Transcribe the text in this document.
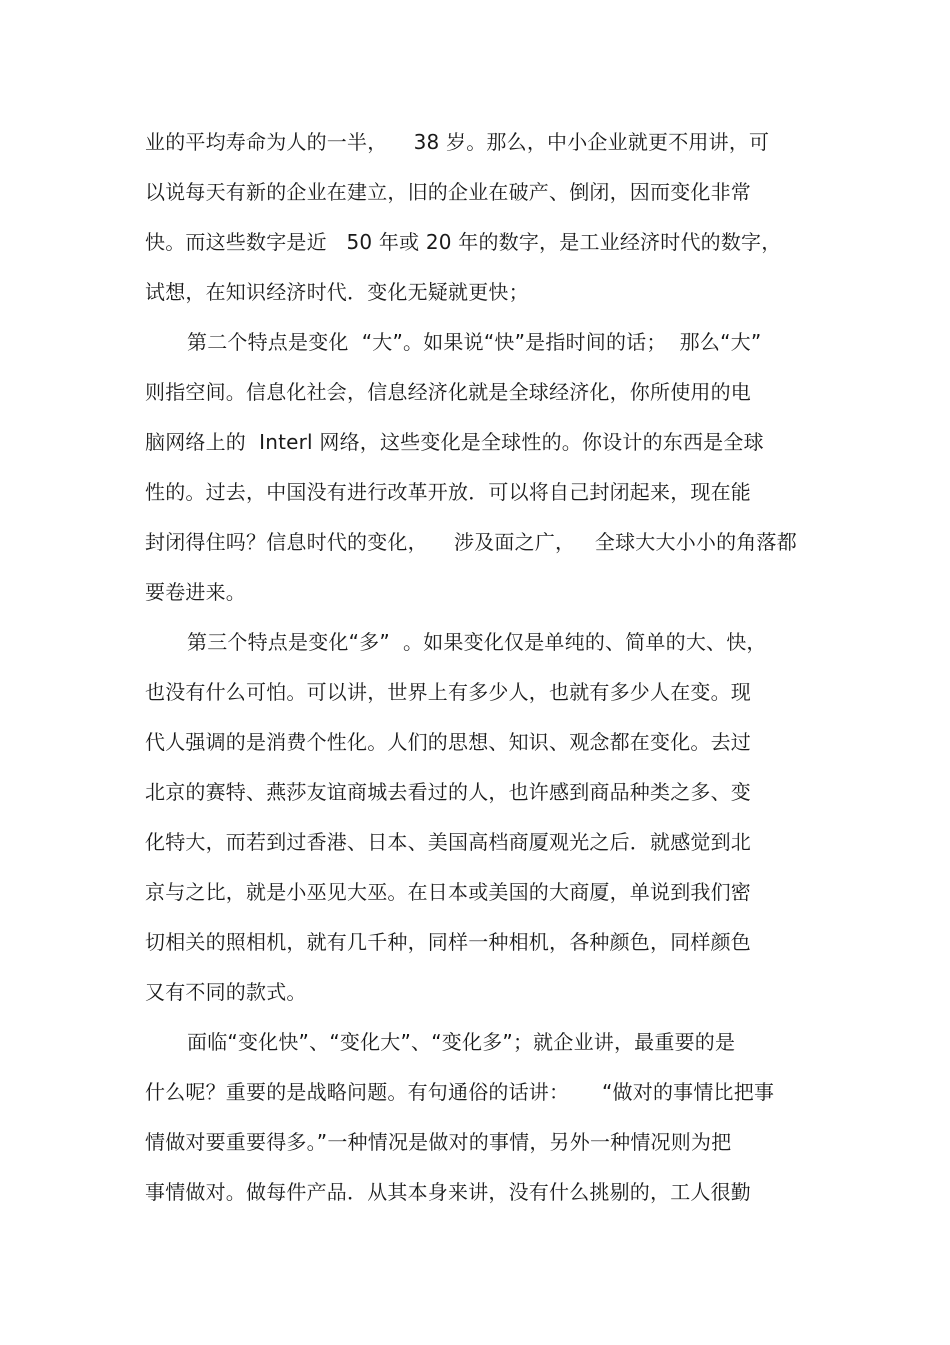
业的平均寿命为人的一半，    38 岁。那么，中小企业就更不用讲，可
以说每天有新的企业在建立，旧的企业在破产、倒闭，因而变化非常
快。而这些数字是近   50 年或 20 年的数字，是工业经济时代的数字，
试想，在知识经济时代．变化无疑就更快；
第二个特点是变化  “大”。如果说“快”是指时间的话；  那么“大”
则指空间。信息化社会，信息经济化就是全球经济化，你所使用的电
脑网络上的  Interl 网络，这些变化是全球性的。你设计的东西是全球
性的。过去，中国没有进行改革开放．可以将自己封闭起来，现在能
封闭得住吗？信息时代的变化，    涉及面之广，   全球大大小小的角落都
要卷进来。
第三个特点是变化“多”  。如果变化仅是单纯的、简单的大、快，
也没有什么可怕。可以讲，世界上有多少人，也就有多少人在变。现
代人强调的是消费个性化。人们的思想、知识、观念都在变化。去过
北京的赛特、燕莎友谊商城去看过的人，也许感到商品种类之多、变
化特大，而若到过香港、日本、美国高档商厦观光之后．就感觉到北
京与之比，就是小巫见大巫。在日本或美国的大商厦，单说到我们密
切相关的照相机，就有几千种，同样一种相机，各种颜色，同样颜色
又有不同的款式。
面临“变化快”、“变化大”、“变化多”；就企业讲，最重要的是
什么呢？重要的是战略问题。有句通俗的话讲：     “做对的事情比把事
情做对要重要得多。”一种情况是做对的事情，另外一种情况则为把
事情做对。做每件产品．从其本身来讲，没有什么挑剔的，工人很勤
